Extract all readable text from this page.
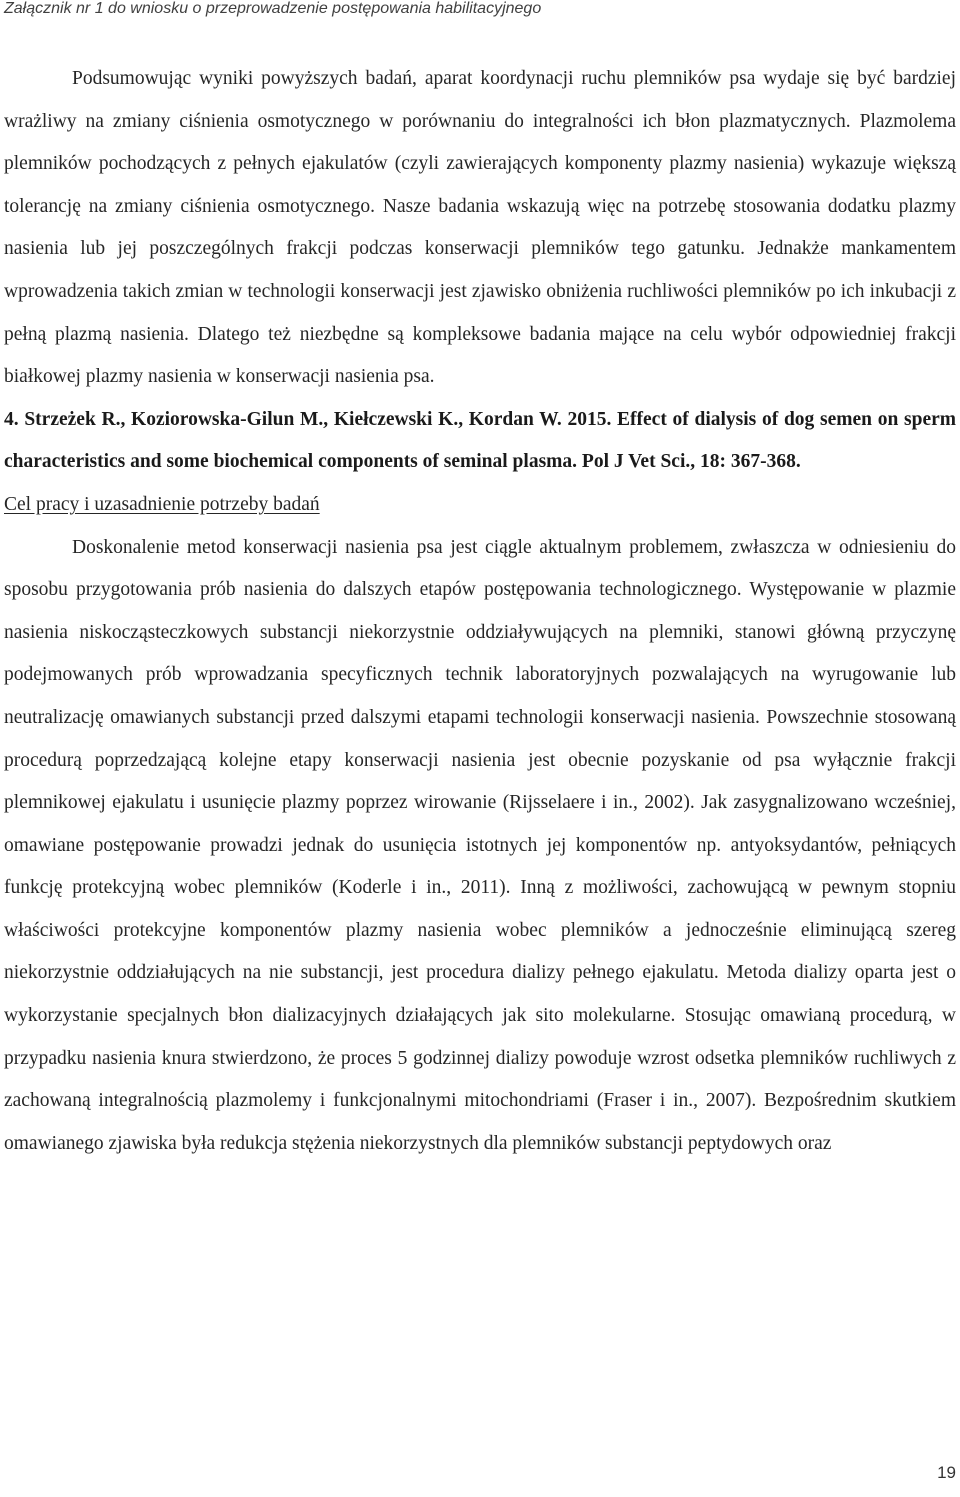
Załącznik nr 1 do wniosku o przeprowadzenie postępowania habilitacyjnego

Podsumowując wyniki powyższych badań, aparat koordynacji ruchu plemników psa wydaje się być bardziej wrażliwy na zmiany ciśnienia osmotycznego w porównaniu do integralności ich błon plazmatycznych. Plazmolema plemników pochodzących z pełnych ejakulatów (czyli zawierających komponenty plazmy nasienia) wykazuje większą tolerancję na zmiany ciśnienia osmotycznego. Nasze badania wskazują więc na potrzebę stosowania dodatku plazmy nasienia lub jej poszczególnych frakcji podczas konserwacji plemników tego gatunku. Jednakże mankamentem wprowadzenia takich zmian w technologii konserwacji jest zjawisko obniżenia ruchliwości plemników po ich inkubacji z pełną plazmą nasienia. Dlatego też niezbędne są kompleksowe badania mające na celu wybór odpowiedniej frakcji białkowej plazmy nasienia w konserwacji nasienia psa.

4. Strzeżek R., Koziorowska-Gilun M., Kiełczewski K., Kordan W. 2015. Effect of dialysis of dog semen on sperm characteristics and some biochemical components of seminal plasma. Pol J Vet Sci., 18: 367-368.

Cel pracy i uzasadnienie potrzeby badań

Doskonalenie metod konserwacji nasienia psa jest ciągle aktualnym problemem, zwłaszcza w odniesieniu do sposobu przygotowania prób nasienia do dalszych etapów postępowania technologicznego. Występowanie w plazmie nasienia niskocząsteczkowych substancji niekorzystnie oddziaływujących na plemniki, stanowi główną przyczynę podejmowanych prób wprowadzania specyficznych technik laboratoryjnych pozwalających na wyrugowanie lub neutralizację omawianych substancji przed dalszymi etapami technologii konserwacji nasienia. Powszechnie stosowaną procedurą poprzedzającą kolejne etapy konserwacji nasienia jest obecnie pozyskanie od psa wyłącznie frakcji plemnikowej ejakulatu i usunięcie plazmy poprzez wirowanie (Rijsselaere i in., 2002). Jak zasygnalizowano wcześniej, omawiane postępowanie prowadzi jednak do usunięcia istotnych jej komponentów np. antyoksydantów, pełniących funkcję protekcyjną wobec plemników (Koderle i in., 2011). Inną z możliwości, zachowującą w pewnym stopniu właściwości protekcyjne komponentów plazmy nasienia wobec plemników a jednocześnie eliminującą szereg niekorzystnie oddziałujących na nie substancji, jest procedura dializy pełnego ejakulatu. Metoda dializy oparta jest o wykorzystanie specjalnych błon dializacyjnych działających jak sito molekularne. Stosując omawianą procedurą, w przypadku nasienia knura stwierdzono, że proces 5 godzinnej dializy powoduje wzrost odsetka plemników ruchliwych z zachowaną integralnością plazmolemy i funkcjonalnymi mitochondriami (Fraser i in., 2007). Bezpośrednim skutkiem omawianego zjawiska była redukcja stężenia niekorzystnych dla plemników substancji peptydowych oraz

19
